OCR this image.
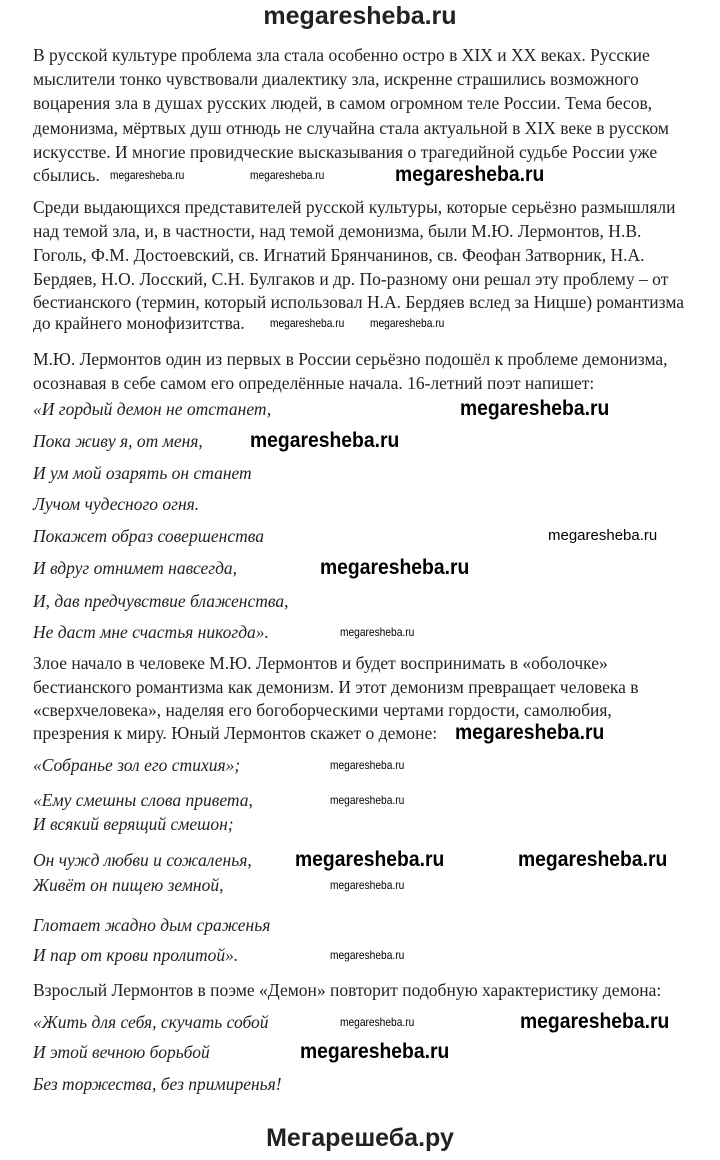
megaresheba.ru
В русской культуре проблема зла стала особенно остро в XIX и XX веках. Русские
мыслители тонко чувствовали диалектику зла, искренне страшились возможного
воцарения зла в душах русских людей, в самом огромном теле России. Тема бесов,
демонизма, мёртвых душ отнюдь не случайна стала актуальной в XIX веке в русском
искусстве. И многие провидческие высказывания о трагедийной судьбе России уже
сбылись.
Среди выдающихся представителей русской культуры, которые серьёзно размышляли
над темой зла, и, в частности, над темой демонизма, были М.Ю. Лермонтов, Н.В.
Гоголь, Ф.М. Достоевский, св. Игнатий Брянчанинов, св. Феофан Затворник, Н.А.
Бердяев, Н.О. Лосский, С.Н. Булгаков и др. По-разному они решал эту проблему – от
бестианского (термин, который использовал Н.А. Бердяев вслед за Ницше) романтизма
до крайнего монофизитства.
М.Ю. Лермонтов один из первых в России серьёзно подошёл к проблеме демонизма,
осознавая в себе самом его определённые начала. 16-летний поэт напишет:
«И гордый демон не отстанет,
Пока живу я, от меня,
И ум мой озарять он станет
Лучом чудесного огня.
Покажет образ совершенства
И вдруг отнимет навсегда,
И, дав предчувствие блаженства,
Не даст мне счастья никогда».
Злое начало в человеке М.Ю. Лермонтов и будет воспринимать в «оболочке»
бестианского романтизма как демонизм. И этот демонизм превращает человека в
«сверхчеловека», наделяя его богоборческими чертами гордости, самолюбия,
презрения к миру. Юный Лермонтов скажет о демоне:
«Собранье зол его стихия»;
«Ему смешны слова привета,
И всякий верящий смешон;
Он чужд любви и сожаленья,
Живёт он пищею земной,
Глотает жадно дым сраженья
И пар от крови пролитой».
Взрослый Лермонтов в поэме «Демон» повторит подобную характеристику демона:
«Жить для себя, скучать собой
И этой вечною борьбой
Без торжества, без примиренья!
megaresheba.ru	megaresheba.ru	megaresheba.ru
megaresheba.ru megaresheba.ru
megaresheba.ru
megaresheba.ru
megaresheba.ru
megaresheba.ru
megaresheba.ru
megaresheba.ru
megaresheba.ru
megaresheba.ru
megaresheba.ru	megaresheba.ru
megaresheba.ru
megaresheba.ru
megaresheba.ru
megaresheba.ru
megaresheba.ru
Мегарешеба.ру
